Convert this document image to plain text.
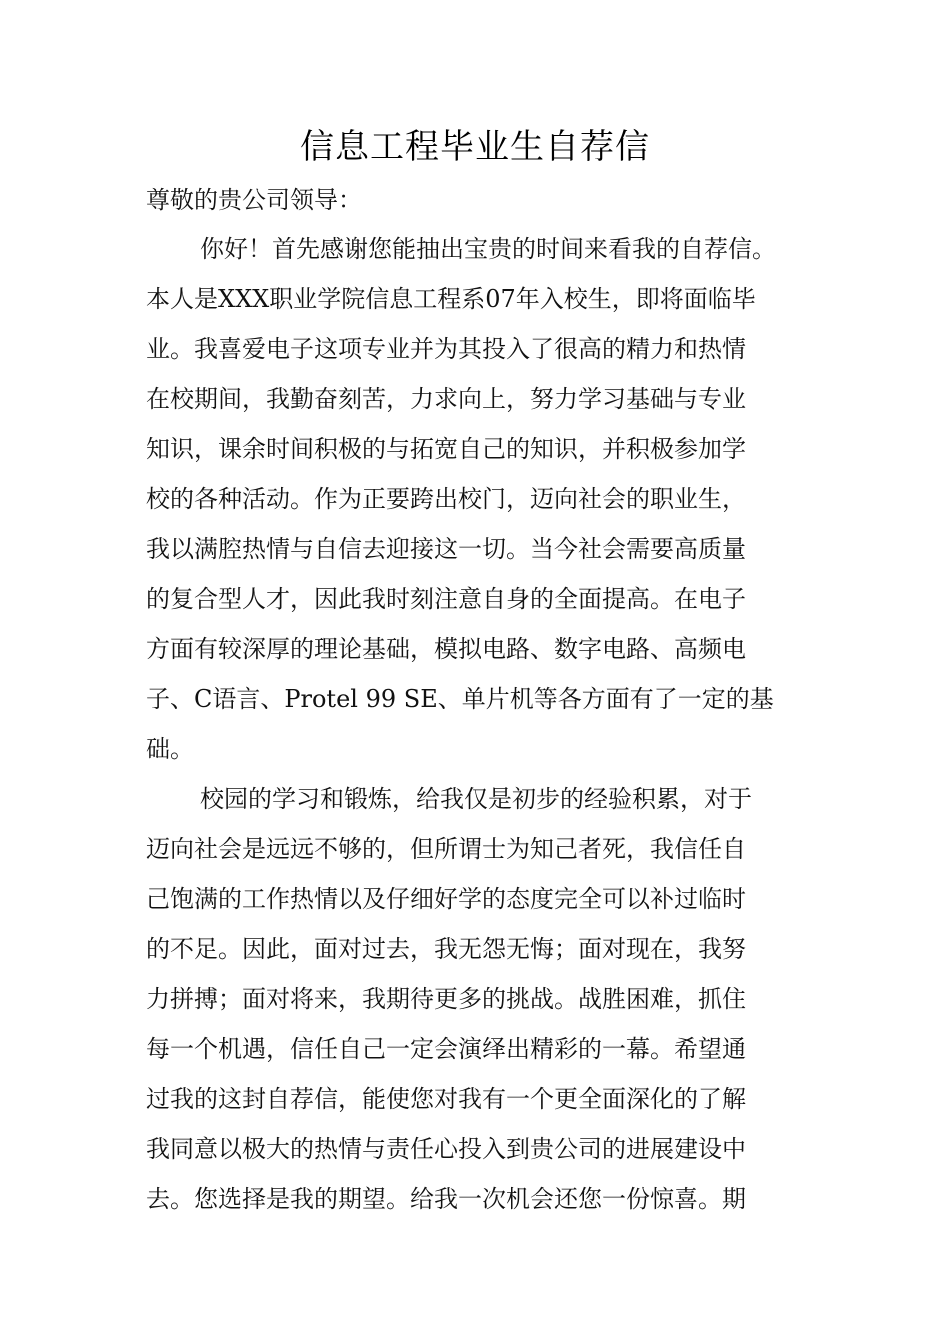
信息工程毕业生自荐信
尊敬的贵公司领导：
你好！首先感谢您能抽出宝贵的时间来看我的自荐信。
本人是XXX职业学院信息工程系07年入校生，即将面临毕
业。我喜爱电子这项专业并为其投入了很高的精力和热情
在校期间，我勤奋刻苦，力求向上，努力学习基础与专业
知识，课余时间积极的与拓宽自己的知识，并积极参加学
校的各种活动。作为正要跨出校门，迈向社会的职业生，
我以满腔热情与自信去迎接这一切。当今社会需要高质量
的复合型人才，因此我时刻注意自身的全面提高。在电子
方面有较深厚的理论基础，模拟电路、数字电路、高频电
子、C语言、Protel 99 SE、单片机等各方面有了一定的基
础。
校园的学习和锻炼，给我仅是初步的经验积累，对于
迈向社会是远远不够的，但所谓士为知己者死，我信任自
己饱满的工作热情以及仔细好学的态度完全可以补过临时
的不足。因此，面对过去，我无怨无悔；面对现在，我努
力拼搏；面对将来，我期待更多的挑战。战胜困难，抓住
每一个机遇，信任自己一定会演绎出精彩的一幕。希望通
过我的这封自荐信，能使您对我有一个更全面深化的了解
我同意以极大的热情与责任心投入到贵公司的进展建设中
去。您选择是我的期望。给我一次机会还您一份惊喜。期
